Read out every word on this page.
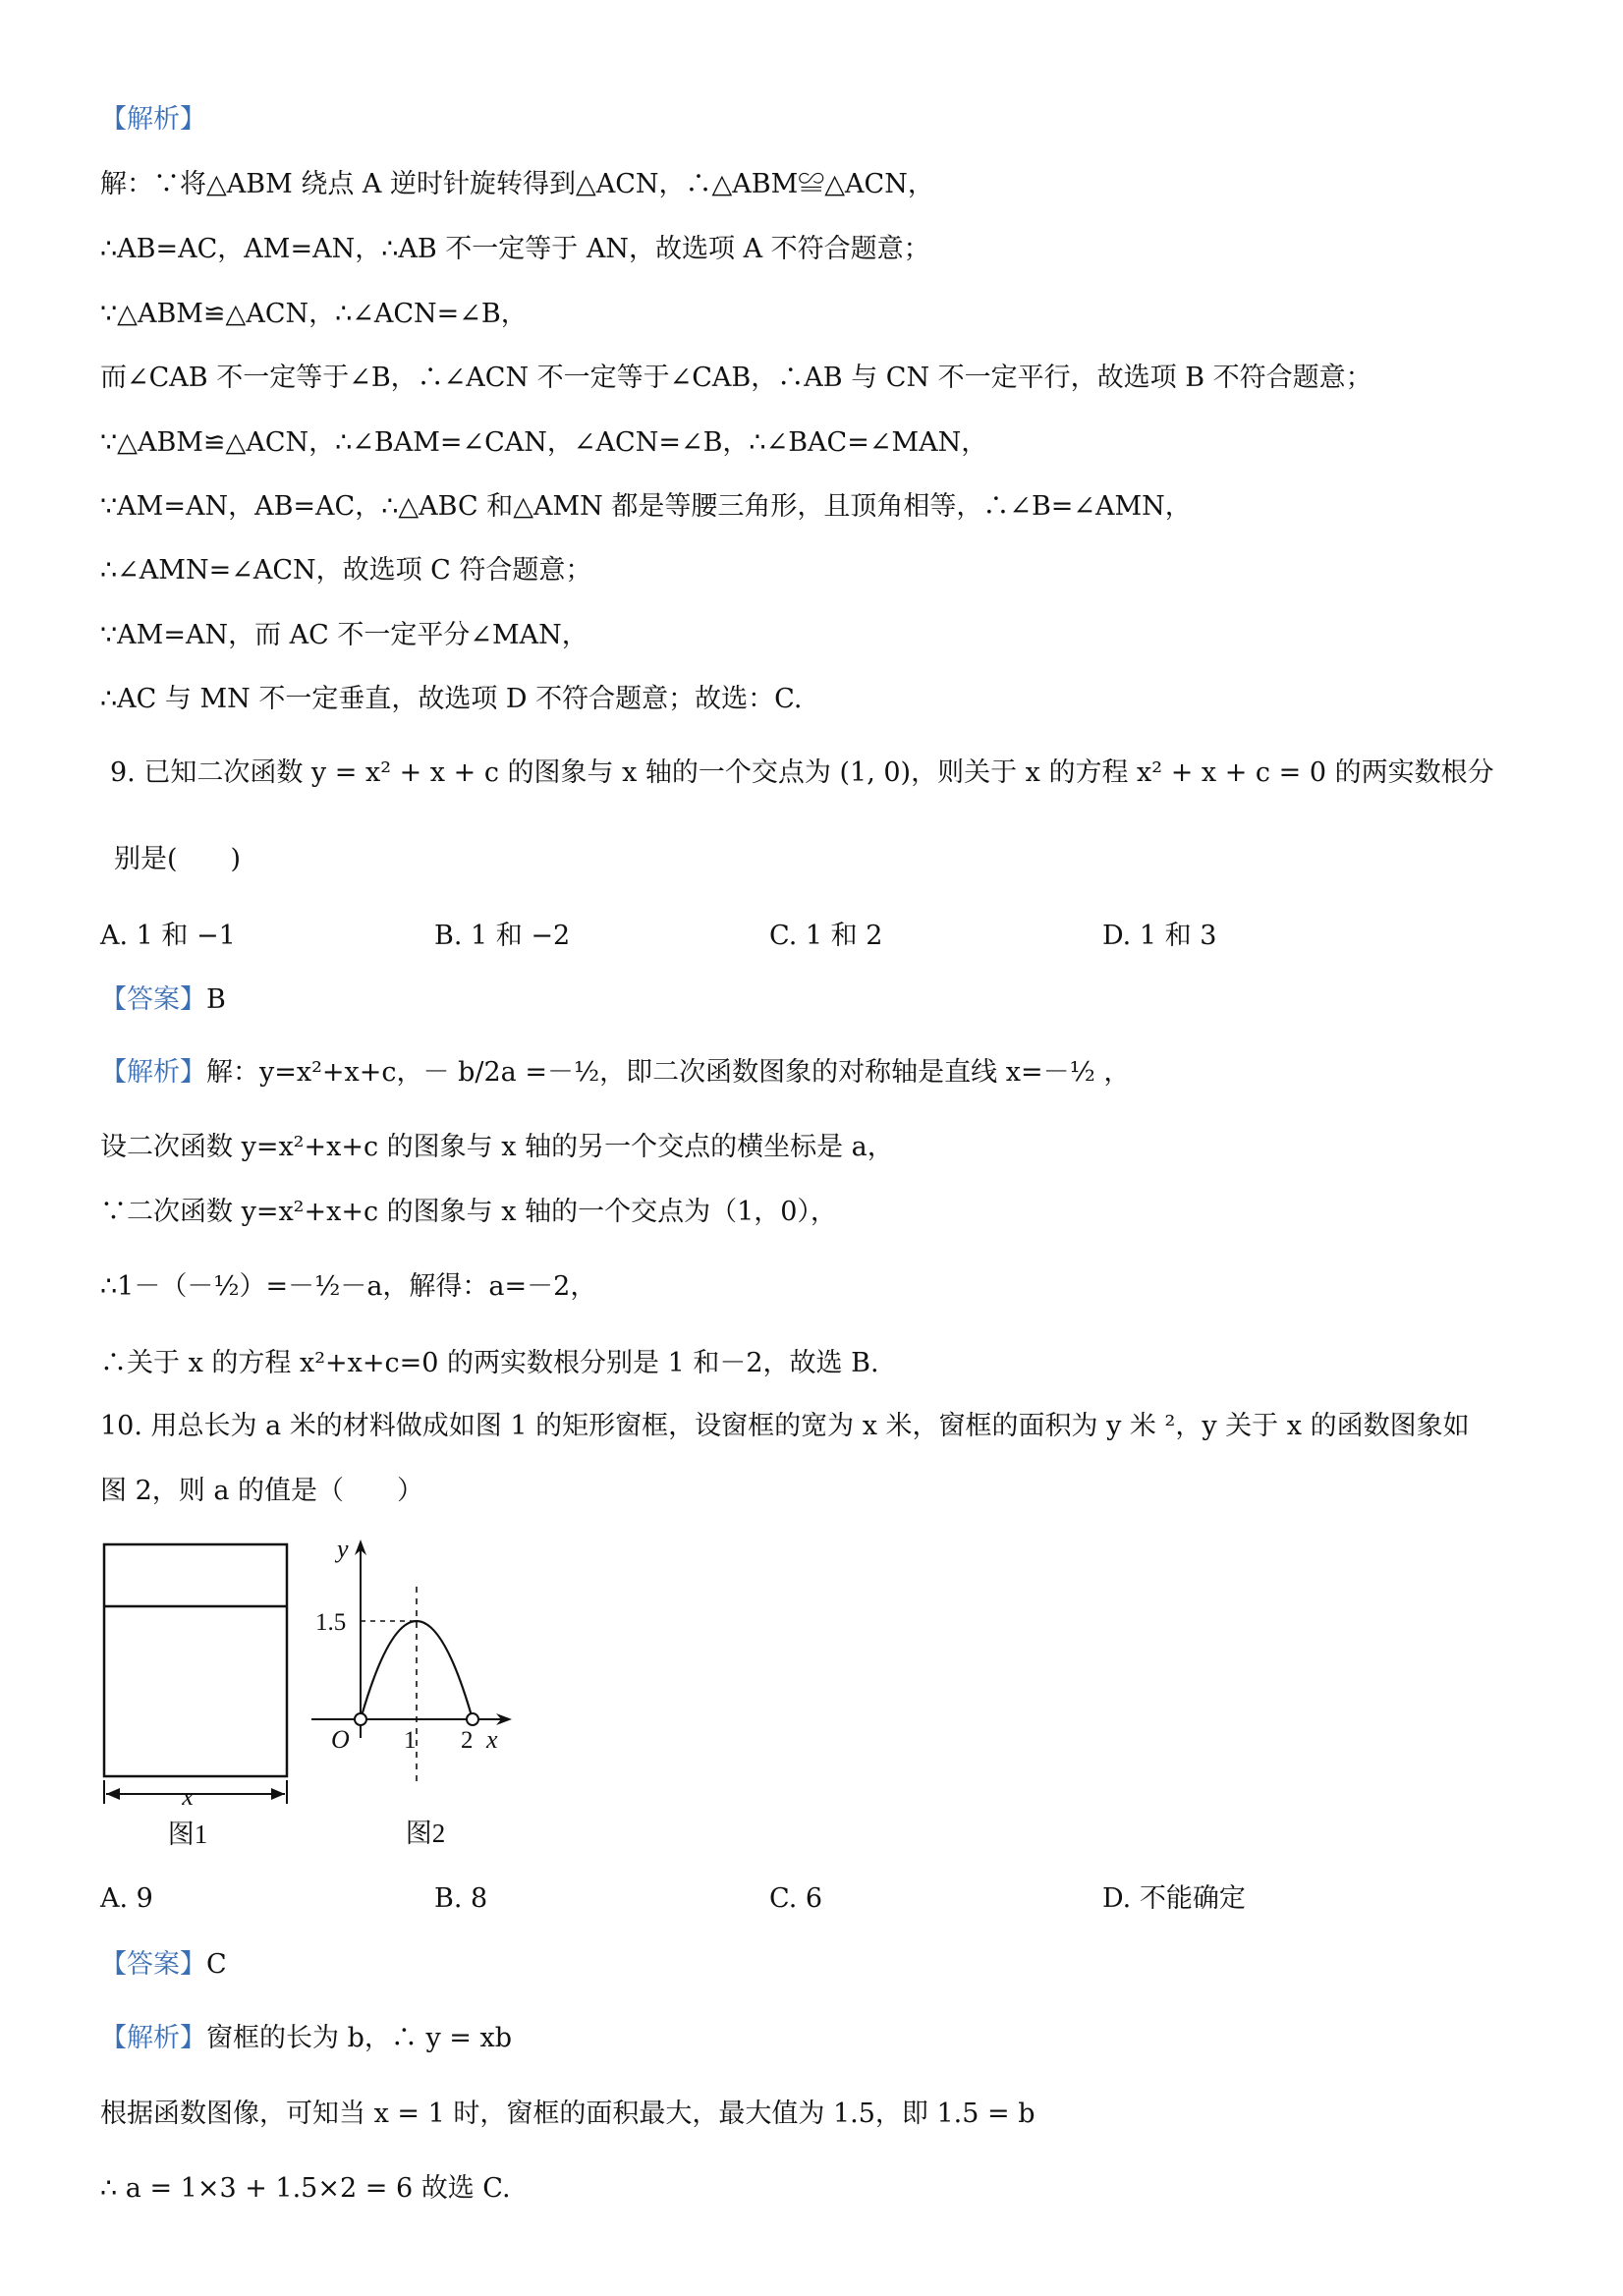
【解析】
解：∵将△ABM 绕点 A 逆时针旋转得到△ACN，∴△ABM≌△ACN，
∴AB=AC，AM=AN，∴AB 不一定等于 AN，故选项 A 不符合题意；
∵△ABM≌△ACN，∴∠ACN=∠B，
而∠CAB 不一定等于∠B，∴∠ACN 不一定等于∠CAB，∴AB 与 CN 不一定平行，故选项 B 不符合题意；
∵△ABM≌△ACN，∴∠BAM=∠CAN，∠ACN=∠B，∴∠BAC=∠MAN，
∵AM=AN，AB=AC，∴△ABC 和△AMN 都是等腰三角形，且顶角相等，∴∠B=∠AMN，
∴∠AMN=∠ACN，故选项 C 符合题意；
∵AM=AN，而 AC 不一定平分∠MAN，
∴AC 与 MN 不一定垂直，故选项 D 不符合题意；故选：C.
9. 已知二次函数 y = x² + x + c 的图象与 x 轴的一个交点为 (1, 0)，则关于 x 的方程 x² + x + c = 0 的两实数根分
别是(　　)
A. 1 和 −1	B. 1 和 −2	C. 1 和 2	D. 1 和 3
【答案】B
【解析】解：y=x²+x+c，－ b/2a =－½，即二次函数图象的对称轴是直线 x=－½ ，
设二次函数 y=x²+x+c 的图象与 x 轴的另一个交点的横坐标是 a，
∵二次函数 y=x²+x+c 的图象与 x 轴的一个交点为（1，0），
∴1－（－½）=－½－a，解得：a=－2，
∴关于 x 的方程 x²+x+c=0 的两实数根分别是 1 和－2，故选 B.
10. 用总长为 a 米的材料做成如图 1 的矩形窗框，设窗框的宽为 x 米，窗框的面积为 y 米 ²，y 关于 x 的函数图象如
图 2，则 a 的值是（　　）
x
图1
y
1.5
O 1 2 x
图2
A. 9	B. 8	C. 6	D. 不能确定
【答案】C
【解析】窗框的长为 b，∴ y = xb
根据函数图像，可知当 x = 1 时，窗框的面积最大，最大值为 1.5，即 1.5 = b
∴ a = 1×3 + 1.5×2 = 6 故选 C.
